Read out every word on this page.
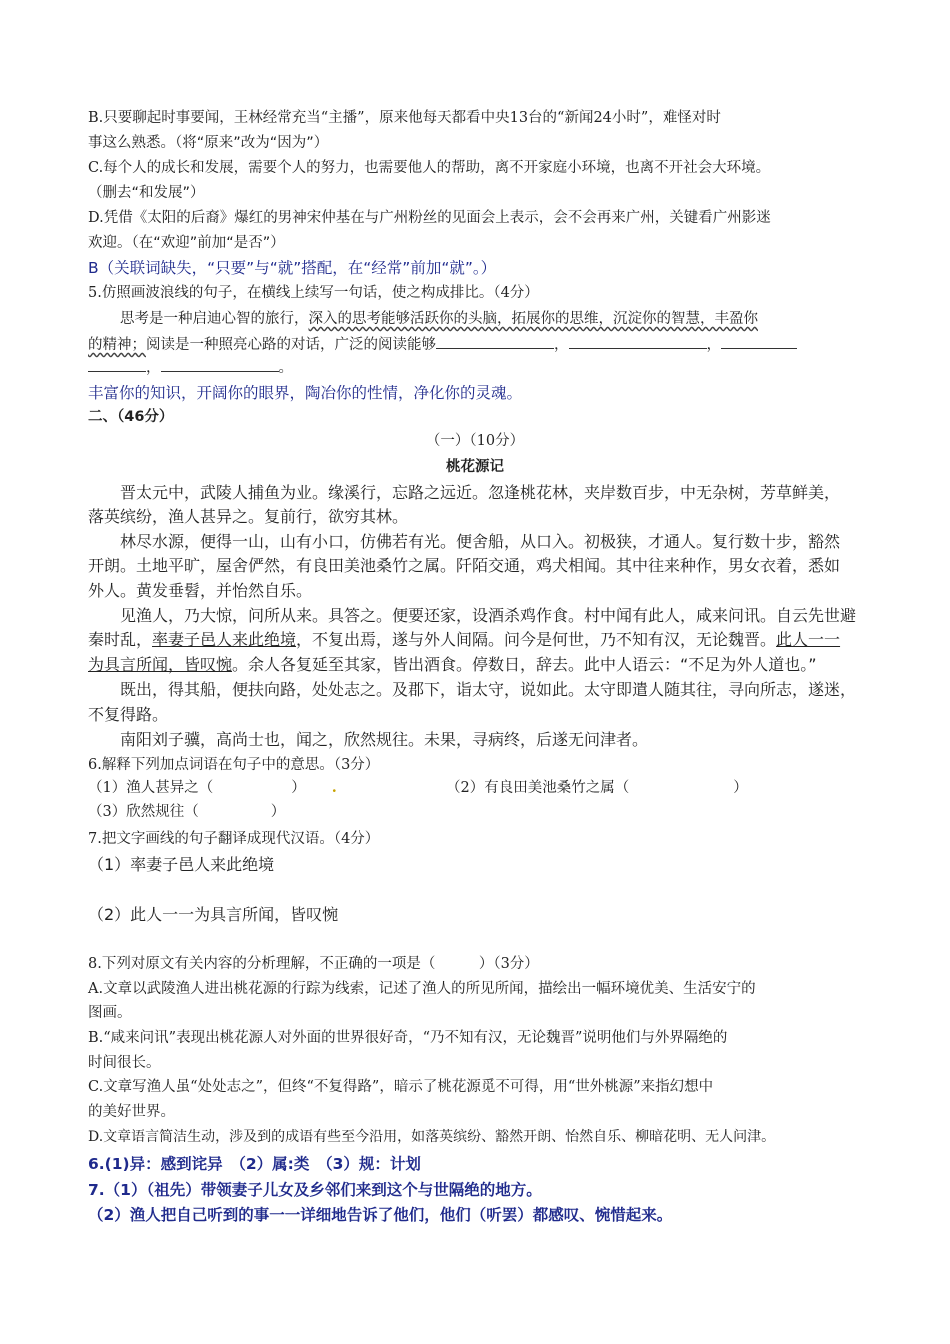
B.只要聊起时事要闻，王林经常充当“主播”，原来他每天都看中央13台的“新闻24小时”，难怪对时
事这么熟悉。（将“原来”改为“因为”）
C.每个人的成长和发展，需要个人的努力，也需要他人的帮助，离不开家庭小环境，也离不开社会大环境。
（删去“和发展”）
D.凭借《太阳的后裔》爆红的男神宋仲基在与广州粉丝的见面会上表示，会不会再来广州，关键看广州影迷
欢迎。（在“欢迎”前加“是否”）
B（关联词缺失，“只要”与“就”搭配，在“经常”前加“就”。）
5.仿照画波浪线的句子，在横线上续写一句话，使之构成排比。（4分）
思考是一种启迪心智的旅行，深入的思考能够活跃你的头脑，拓展你的思维，沉淀你的智慧，丰盈你
的精神；阅读是一种照亮心路的对话，广泛的阅读能够	，	，
，	。
丰富你的知识，开阔你的眼界，陶冶你的性情，净化你的灵魂。
二、（46分）
（一）（10分）
桃花源记
晋太元中，武陵人捕鱼为业。缘溪行，忘路之远近。忽逢桃花林，夹岸数百步，中无杂树，芳草鲜美，
落英缤纷，渔人甚异之。复前行，欲穷其林。
林尽水源，便得一山，山有小口，仿佛若有光。便舍船，从口入。初极狭，才通人。复行数十步，豁然
开朗。土地平旷，屋舍俨然，有良田美池桑竹之属。阡陌交通，鸡犬相闻。其中往来种作，男女衣着，悉如
外人。黄发垂髫，并怡然自乐。
见渔人，乃大惊，问所从来。具答之。便要还家，设酒杀鸡作食。村中闻有此人，咸来问讯。自云先世避
秦时乱，率妻子邑人来此绝境，不复出焉，遂与外人间隔。问今是何世，乃不知有汉，无论魏晋。此人一一
为具言所闻，皆叹惋。余人各复延至其家，皆出酒食。停数日，辞去。此中人语云：“不足为外人道也。”
既出，得其船，便扶向路，处处志之。及郡下，诣太守，说如此。太守即遣人随其往，寻向所志，遂迷，
不复得路。
南阳刘子骥，高尚士也，闻之，欣然规往。未果，寻病终，后遂无问津者。
6.解释下列加点词语在句子中的意思。（3分）
（1）渔人甚异之（	） .	（2）有良田美池桑竹之属（	）
（3）欣然规往（	）
7.把文字画线的句子翻译成现代汉语。（4分）
（1）率妻子邑人来此绝境
（2）此人一一为具言所闻，皆叹惋
8.下列对原文有关内容的分析理解，不正确的一项是（　　　）（3分）
A.文章以武陵渔人进出桃花源的行踪为线索，记述了渔人的所见所闻，描绘出一幅环境优美、生活安宁的
图画。
B.“咸来问讯”表现出桃花源人对外面的世界很好奇，“乃不知有汉，无论魏晋”说明他们与外界隔绝的
时间很长。
C.文章写渔人虽“处处志之”，但终“不复得路”，暗示了桃花源觅不可得，用“世外桃源”来指幻想中
的美好世界。
D.文章语言简洁生动，涉及到的成语有些至今沿用，如落英缤纷、豁然开朗、怡然自乐、柳暗花明、无人问津。
6.(1)异：感到诧异　（2）属:类　（3）规：计划
7.（1）（祖先）带领妻子儿女及乡邻们来到这个与世隔绝的地方。
（2）渔人把自己听到的事一一详细地告诉了他们，他们（听罢）都感叹、惋惜起来。
